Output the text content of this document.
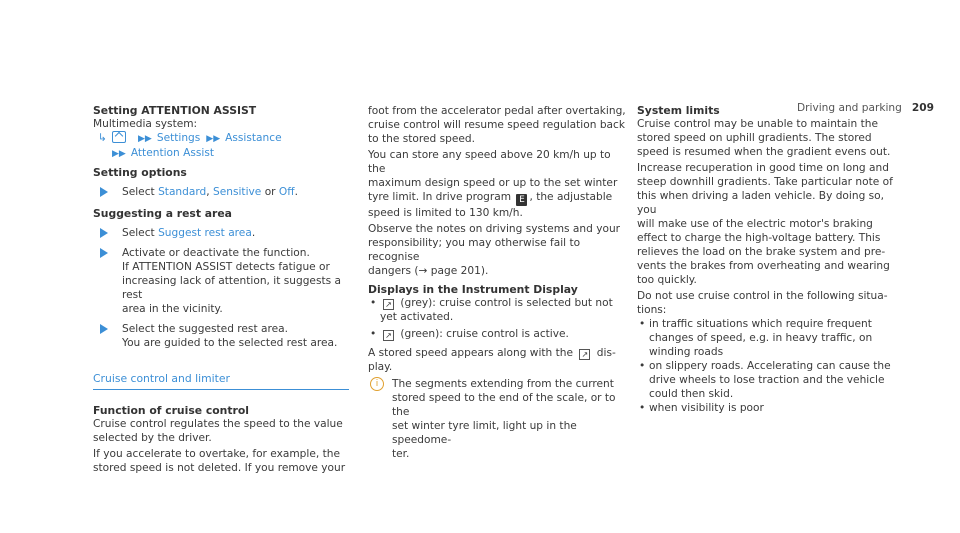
Driving and parking 209
Setting ATTENTION ASSIST

Multimedia system:

↳	▶▶ Settings ▶▶ Assistance

▶▶ Attention Assist

Setting options

Select Standard, Sensitive or Off.

Suggesting a rest area

Select Suggest rest area.

Activate or deactivate the function.

If ATTENTION ASSIST detects fatigue or

increasing lack of attention, it suggests a rest

area in the vicinity.

Select the suggested rest area.

You are guided to the selected rest area.

Cruise control and limiter
Function of cruise control

Cruise control regulates the speed to the value

selected by the driver.

If you accelerate to overtake, for example, the

stored speed is not deleted. If you remove your

foot from the accelerator pedal after overtaking,

cruise control will resume speed regulation back

to the stored speed.

You can store any speed above 20 km/h up to the

maximum design speed or up to the set winter

tyre limit. In drive program E , the adjustable

speed is limited to 130 km/h.

Observe the notes on driving systems and your

responsibility; you may otherwise fail to recognise

dangers (→ page 201).

Displays in the Instrument Display
•	↗ (grey): cruise control is selected but not

yet activated.

•	↗ (green): cruise control is active.

A stored speed appears along with the ↗ dis-

play.

i	The segments extending from the current

stored speed to the end of the scale, or to the

set winter tyre limit, light up in the speedome-

ter.

System limits

Cruise control may be unable to maintain the

stored speed on uphill gradients. The stored

speed is resumed when the gradient evens out.

Increase recuperation in good time on long and

steep downhill gradients. Take particular note of

this when driving a laden vehicle. By doing so, you

will make use of the electric motor's braking

effect to charge the high-voltage battery. This

relieves the load on the brake system and pre-

vents the brakes from overheating and wearing

too quickly.

Do not use cruise control in the following situa-

tions:

• in traffic situations which require frequent

changes of speed, e.g. in heavy traffic, on

winding roads

• on slippery roads. Accelerating can cause the

drive wheels to lose traction and the vehicle

could then skid.

• when visibility is poor
